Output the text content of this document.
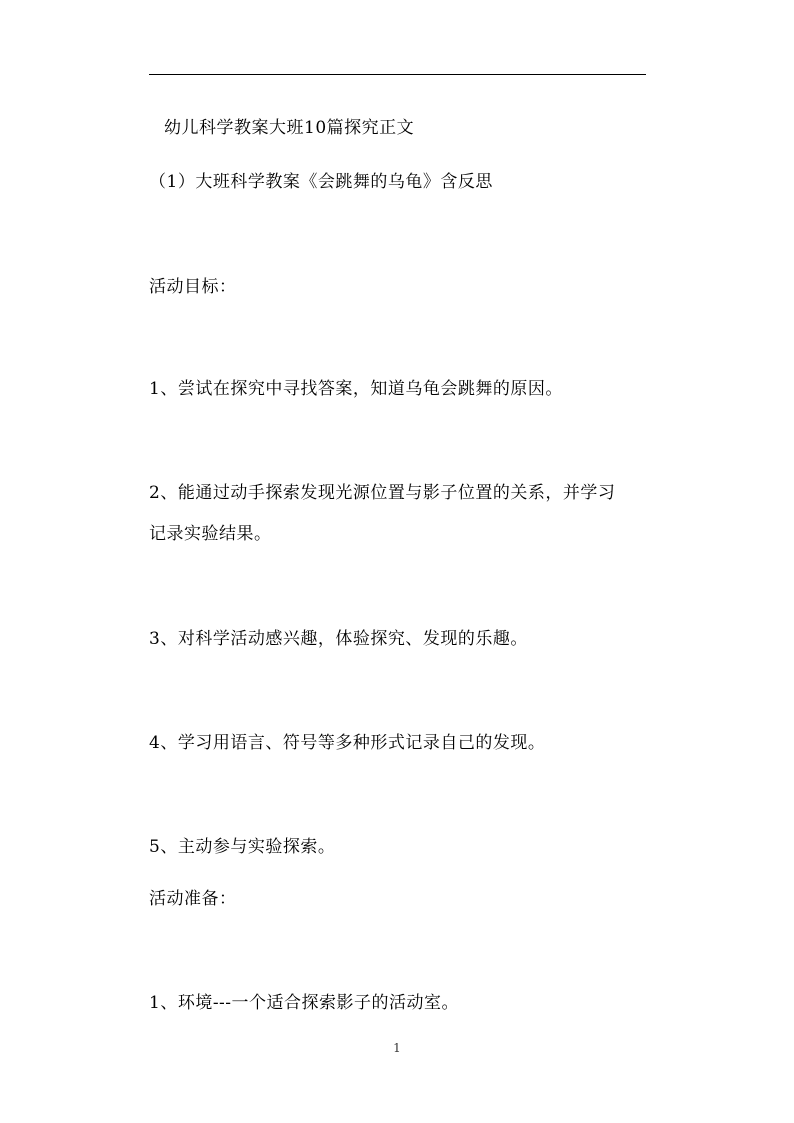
幼儿科学教案大班10篇探究正文
（1）大班科学教案《会跳舞的乌龟》含反思
活动目标：
1、尝试在探究中寻找答案，知道乌龟会跳舞的原因。
2、能通过动手探索发现光源位置与影子位置的关系，并学习
记录实验结果。
3、对科学活动感兴趣，体验探究、发现的乐趣。
4、学习用语言、符号等多种形式记录自己的发现。
5、主动参与实验探索。
活动准备：
1、环境---一个适合探索影子的活动室。
1
